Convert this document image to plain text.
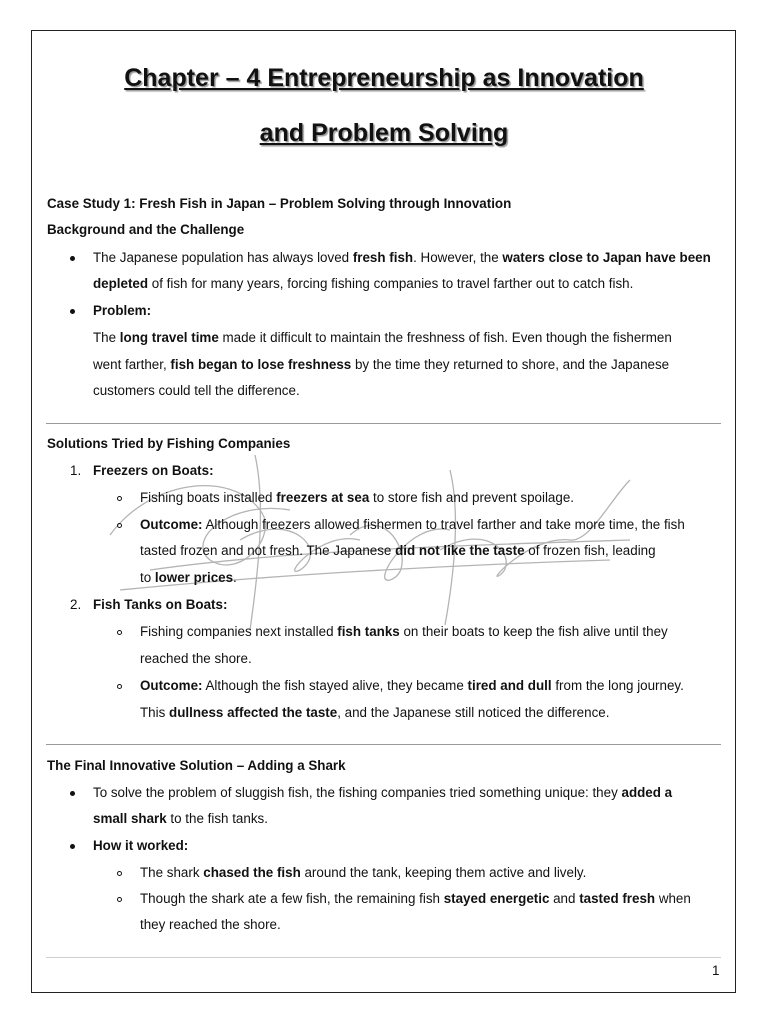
Chapter – 4 Entrepreneurship as Innovation
and Problem Solving
Case Study 1: Fresh Fish in Japan – Problem Solving through Innovation
Background and the Challenge
The Japanese population has always loved fresh fish. However, the waters close to Japan have been
depleted of fish for many years, forcing fishing companies to travel farther out to catch fish.
Problem:
The long travel time made it difficult to maintain the freshness of fish. Even though the fishermen
went farther, fish began to lose freshness by the time they returned to shore, and the Japanese
customers could tell the difference.
Solutions Tried by Fishing Companies
1. Freezers on Boats:
Fishing boats installed freezers at sea to store fish and prevent spoilage.
Outcome: Although freezers allowed fishermen to travel farther and take more time, the fish
tasted frozen and not fresh. The Japanese did not like the taste of frozen fish, leading
to lower prices.
2. Fish Tanks on Boats:
Fishing companies next installed fish tanks on their boats to keep the fish alive until they
reached the shore.
Outcome: Although the fish stayed alive, they became tired and dull from the long journey.
This dullness affected the taste, and the Japanese still noticed the difference.
The Final Innovative Solution – Adding a Shark
To solve the problem of sluggish fish, the fishing companies tried something unique: they added a
small shark to the fish tanks.
How it worked:
The shark chased the fish around the tank, keeping them active and lively.
Though the shark ate a few fish, the remaining fish stayed energetic and tasted fresh when
they reached the shore.
1
